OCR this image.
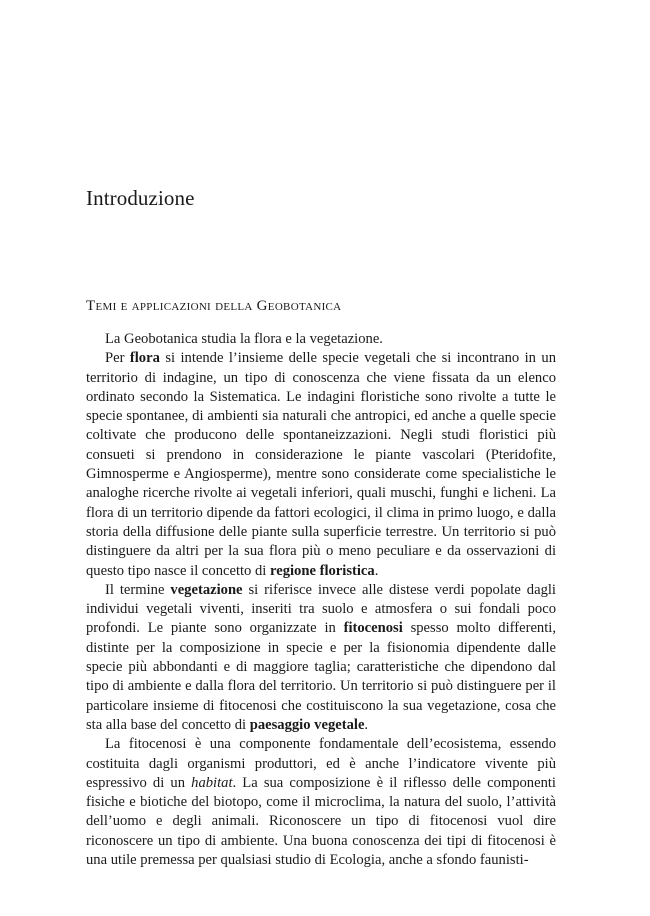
Introduzione
Temi e applicazioni della Geobotanica

La Geobotanica studia la flora e la vegetazione.

Per flora si intende l’insieme delle specie vegetali che si incontrano in un territorio di indagine, un tipo di conoscenza che viene fissata da un elenco ordinato secondo la Sistematica. Le indagini floristiche sono rivolte a tutte le specie spontanee, di ambienti sia naturali che antropici, ed anche a quelle specie coltivate che producono delle spontaneizzazioni. Negli studi floristici più consueti si prendono in considerazione le piante vascolari (Pteridofite, Gimnosperme e Angiosperme), mentre sono considerate come specialistiche le analoghe ricerche rivolte ai vegetali inferiori, quali muschi, funghi e licheni. La flora di un territorio dipende da fattori ecologici, il clima in primo luogo, e dalla storia della diffusione delle piante sulla superficie terrestre. Un territorio si può distinguere da altri per la sua flora più o meno peculiare e da osservazioni di questo tipo nasce il concetto di regione floristica.

Il termine vegetazione si riferisce invece alle distese verdi popolate dagli individui vegetali viventi, inseriti tra suolo e atmosfera o sui fondali poco profondi. Le piante sono organizzate in fitocenosi spesso molto differenti, distinte per la composizione in specie e per la fisionomia dipendente dalle specie più abbondanti e di maggiore taglia; caratteristiche che dipendono dal tipo di ambiente e dalla flora del territorio. Un territorio si può distinguere per il particolare insieme di fitocenosi che costituiscono la sua vegetazione, cosa che sta alla base del concetto di paesaggio vegetale.

La fitocenosi è una componente fondamentale dell’ecosistema, essendo costituita dagli organismi produttori, ed è anche l’indicatore vivente più espressivo di un habitat. La sua composizione è il riflesso delle componenti fisiche e biotiche del biotopo, come il microclima, la natura del suolo, l’attività dell’uomo e degli animali. Riconoscere un tipo di fitocenosi vuol dire riconoscere un tipo di ambiente. Una buona conoscenza dei tipi di fitocenosi è una utile premessa per qualsiasi studio di Ecologia, anche a sfondo faunisti-
